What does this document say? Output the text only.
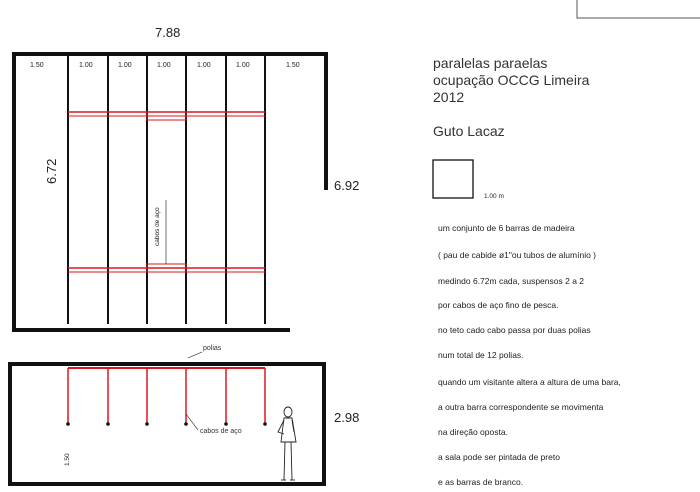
7.88
1.50	1.00	1.00	1.00	1.00	1.00	1.50
6.72
6.92
cabos de aço
polias
cabos de aço
2.98
1.50
paralelas paraelas
ocupação OCCG Limeira
2012
Guto Lacaz
1.00 m
um conjunto de 6 barras de madeira
( pau de cabide ø1"ou tubos de alumínio )
medindo 6.72m cada, suspensos 2 a 2
por cabos de aço fino de pesca.
no teto cado cabo passa por duas polias
num total de 12 polias.
quando um visitante altera a altura de uma bara,
a outra barra correspondente se movimenta
na direção oposta.
a sala pode ser pintada de preto
e as barras de branco.
